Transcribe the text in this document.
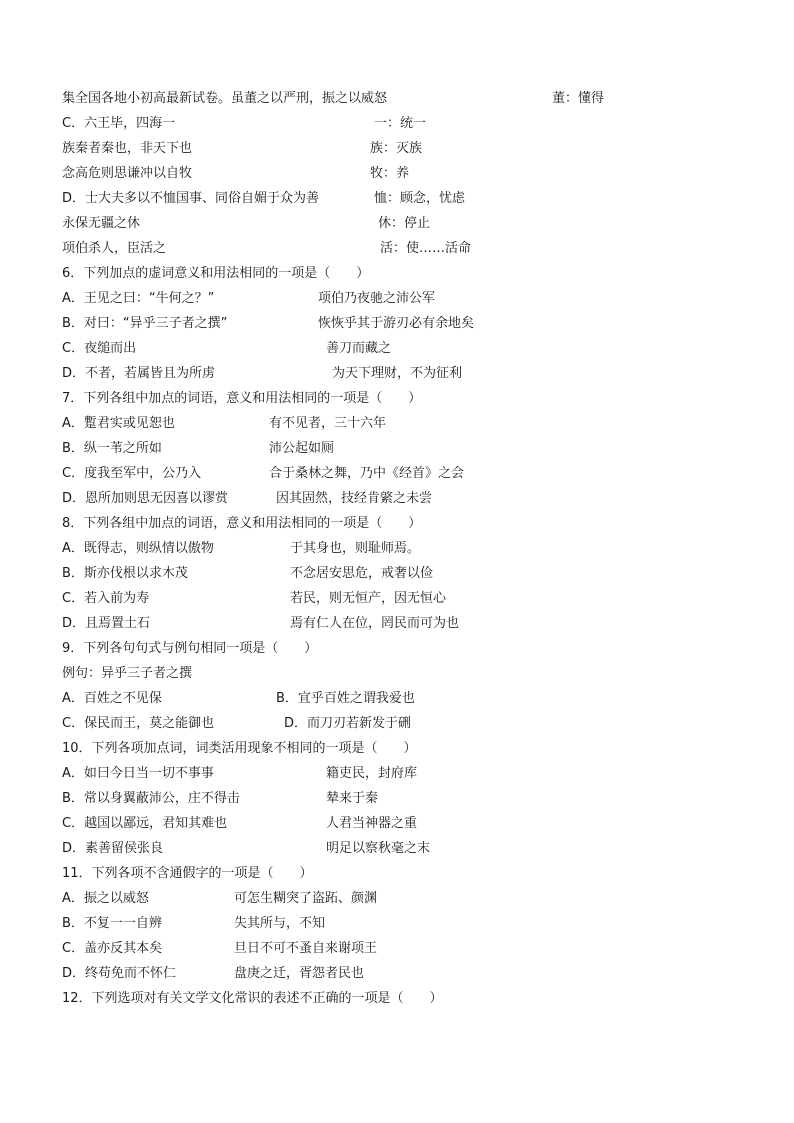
集全国各地小初高最新试卷。虽董之以严刑，振之以威怒	董：懂得
C．六王毕，四海一	一：统一
族秦者秦也，非天下也	族：灭族
念高危则思谦冲以自牧	牧：养
D．士大夫多以不恤国事、同俗自媚于众为善	恤：顾念，忧虑
永保无疆之休	休：停止
项伯杀人，臣活之	活：使……活命
6．下列加点的虚词意义和用法相同的一项是（　　）
A．王见之曰：“牛何之？”	项伯乃夜驰之沛公军
B．对曰：“异乎三子者之撰”	恢恢乎其于游刃必有余地矣
C．夜缒而出	善刀而藏之
D．不者，若属皆且为所虏	为天下理财，不为征利
7．下列各组中加点的词语，意义和用法相同的一项是（　　）
A．蹔君实或见恕也	有不见者，三十六年
B．纵一苇之所如	沛公起如厕
C．度我至军中，公乃入	合于桑林之舞，乃中《经首》之会
D．恩所加则思无因喜以谬赏	因其固然，技经肯綮之未尝
8．下列各组中加点的词语，意义和用法相同的一项是（　　）
A．既得志，则纵情以傲物	于其身也，则耻师焉。
B．斯亦伐根以求木茂	不念居安思危，戒奢以俭
C．若入前为寿	若民，则无恒产，因无恒心
D．且焉置土石	焉有仁人在位，罔民而可为也
9．下列各句句式与例句相同一项是（　　）
例句：异乎三子者之撰
A．百姓之不见保	B．宜乎百姓之谓我爱也
C．保民而王，莫之能御也	D．而刀刃若新发于硎
10．下列各项加点词，词类活用现象不相同的一项是（　　）
A．如曰今日当一切不事事	籍吏民，封府库
B．常以身翼蔽沛公，庄不得击	辇来于秦
C．越国以鄙远，君知其难也	人君当神器之重
D．素善留侯张良	明足以察秋毫之末
11．下列各项不含通假字的一项是（　　）
A．振之以威怒	可怎生糊突了盗跖、颜渊
B．不复一一自辨	失其所与，不知
C．盖亦反其本矣	旦日不可不蚤自来谢项王
D．终苟免而不怀仁	盘庚之迁，胥怨者民也
12．下列选项对有关文学文化常识的表述不正确的一项是（　　）
